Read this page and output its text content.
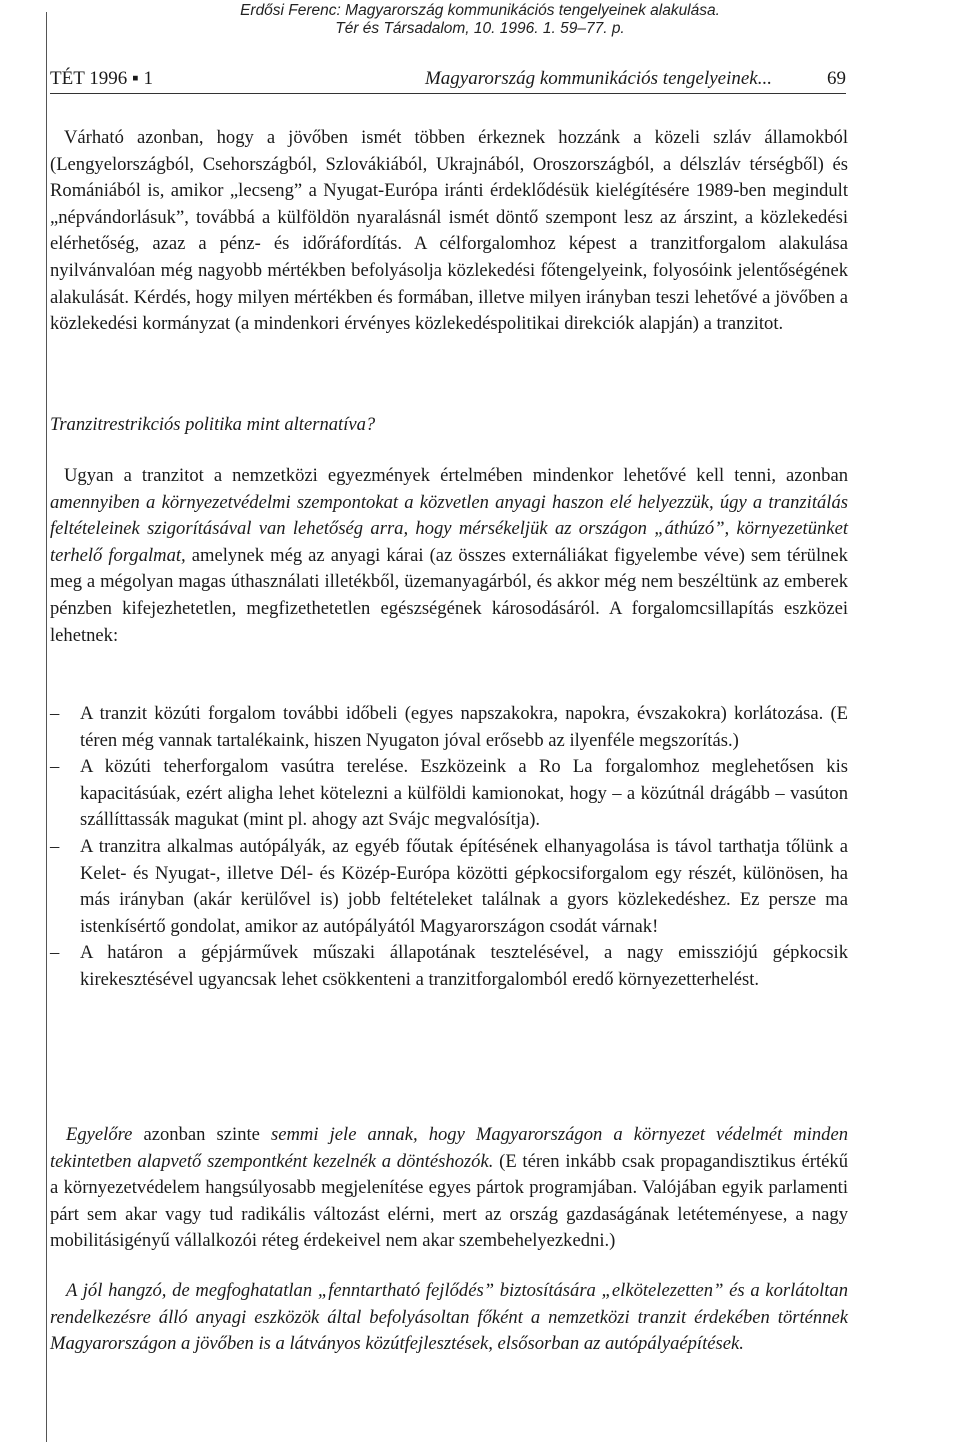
Erdősi Ferenc: Magyarország kommunikációs tengelyeinek alakulása.
Tér és Társadalom, 10. 1996. 1. 59–77. p.
TÉT 1996 ▪ 1	Magyarország kommunikációs tengelyeinek...	69
Várható azonban, hogy a jövőben ismét többen érkeznek hozzánk a közeli szláv államokból (Lengyelországból, Csehországból, Szlovákiából, Ukrajnából, Oroszországból, a délszláv térségből) és Romániából is, amikor „lecseng” a Nyugat-Európa iránti érdeklődésük kielégítésére 1989-ben megindult „népvándorlásuk”, továbbá a külföldön nyaralásnál ismét döntő szempont lesz az árszint, a közlekedési elérhetőség, azaz a pénz- és időráfordítás. A célforgalomhoz képest a tranzitforgalom alakulása nyilvánvalóan még nagyobb mértékben befolyásolja közlekedési főtengelyeink, folyosóink jelentőségének alakulását. Kérdés, hogy milyen mértékben és formában, illetve milyen irányban teszi lehetővé a jövőben a közlekedési kormányzat (a mindenkori érvényes közlekedéspolitikai direkciók alapján) a tranzitot.
Tranzitrestrikciós politika mint alternatíva?
Ugyan a tranzitot a nemzetközi egyezmények értelmében mindenkor lehetővé kell tenni, azonban amennyiben a környezetvédelmi szempontokat a közvetlen anyagi haszon elé helyezzük, úgy a tranzitálás feltételeinek szigorításával van lehetőség arra, hogy mérsékeljük az országon „áthúzó”, környezetünket terhelő forgalmat, amelynek még az anyagi kárai (az összes externáliákat figyelembe véve) sem térülnek meg a mégolyan magas úthasználati illetékből, üzemanyagárból, és akkor még nem beszéltünk az emberek pénzben kifejezhetetlen, megfizethetetlen egészségének károsodásáról. A forgalomcsillapítás eszközei lehetnek:
– A tranzit közúti forgalom további időbeli (egyes napszakokra, napokra, évszakokra) korlátozása. (E téren még vannak tartalékaink, hiszen Nyugaton jóval erősebb az ilyenféle megszorítás.)
– A közúti teherforgalom vasútra terelése. Eszközeink a Ro La forgalomhoz meglehetősen kis kapacitásúak, ezért aligha lehet kötelezni a külföldi kamionokat, hogy – a közútnál drágább – vasúton szállíttassák magukat (mint pl. ahogy azt Svájc megvalósítja).
– A tranzitra alkalmas autópályák, az egyéb főutak építésének elhanyagolása is távol tarthatja tőlünk a Kelet- és Nyugat-, illetve Dél- és Közép-Európa közötti gépkocsiforgalom egy részét, különösen, ha más irányban (akár kerülővel is) jobb feltételeket találnak a gyors közlekedéshez. Ez persze ma istenkísértő gondolat, amikor az autópályától Magyarországon csodát várnak!
– A határon a gépjárművek műszaki állapotának tesztelésével, a nagy emissziójú gépkocsik kirekesztésével ugyancsak lehet csökkenteni a tranzitforgalomból eredő környezetterhelést.
Egyelőre azonban szinte semmi jele annak, hogy Magyarországon a környezet védelmét minden tekintetben alapvető szempontként kezelnék a döntéshozók. (E téren inkább csak propagandisztikus értékű a környezetvédelem hangsúlyosabb megjelenítése egyes pártok programjában. Valójában egyik parlamenti párt sem akar vagy tud radikális változást elérni, mert az ország gazdaságának letéteményese, a nagy mobilitásigényű vállalkozói réteg érdekeivel nem akar szembehelyezkedni.)
A jól hangzó, de megfoghatatlan „fenntartható fejlődés” biztosítására „elkötelezetten” és a korlátoltan rendelkezésre álló anyagi eszközök által befolyásoltan főként a nemzetközi tranzit érdekében történnek Magyarországon a jövőben is a látványos közútfejlesztések, elsősorban az autópályaépítések.
